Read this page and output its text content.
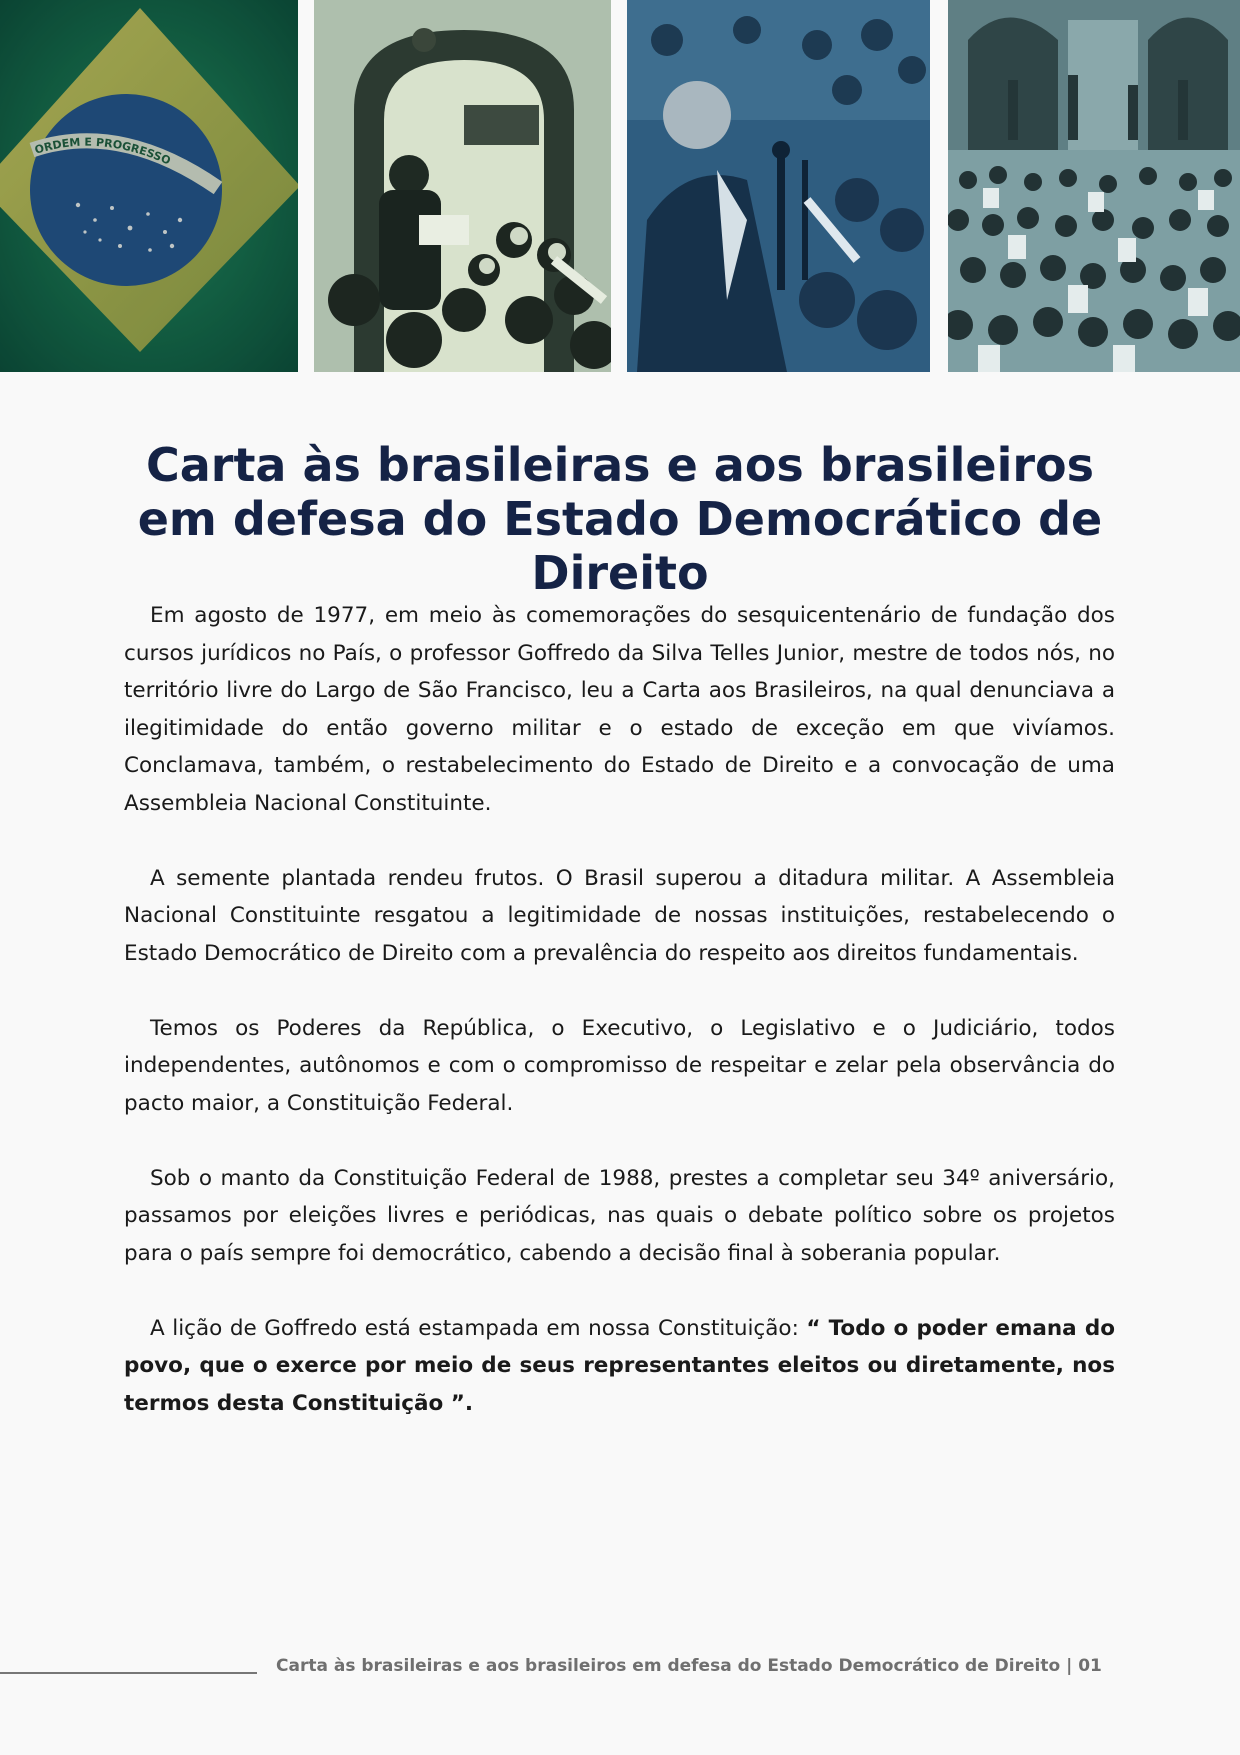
ORDEM E PROGRESSO
Carta às brasileiras e aos brasileiros em defesa do Estado Democrático de Direito

Em agosto de 1977, em meio às comemorações do sesquicentenário de fundação dos cursos jurídicos no País, o professor Goffredo da Silva Telles Junior, mestre de todos nós, no território livre do Largo de São Francisco, leu a Carta aos Brasileiros, na qual denunciava a ilegitimidade do então governo militar e o estado de exceção em que vivíamos. Conclamava, também, o restabelecimento do Estado de Direito e a convocação de uma Assembleia Nacional Constituinte.

A semente plantada rendeu frutos. O Brasil superou a ditadura militar. A Assembleia Nacional Constituinte resgatou a legitimidade de nossas instituições, restabelecendo o Estado Democrático de Direito com a prevalência do respeito aos direitos fundamentais.

Temos os Poderes da República, o Executivo, o Legislativo e o Judiciário, todos independentes, autônomos e com o compromisso de respeitar e zelar pela observância do pacto maior, a Constituição Federal.

Sob o manto da Constituição Federal de 1988, prestes a completar seu 34º aniversário, passamos por eleições livres e periódicas, nas quais o debate político sobre os projetos para o país sempre foi democrático, cabendo a decisão final à soberania popular.

A lição de Goffredo está estampada em nossa Constituição: “ Todo o poder emana do povo, que o exerce por meio de seus representantes eleitos ou diretamente, nos termos desta Constituição ”.

Carta às brasileiras e aos brasileiros em defesa do Estado Democrático de Direito | 01
